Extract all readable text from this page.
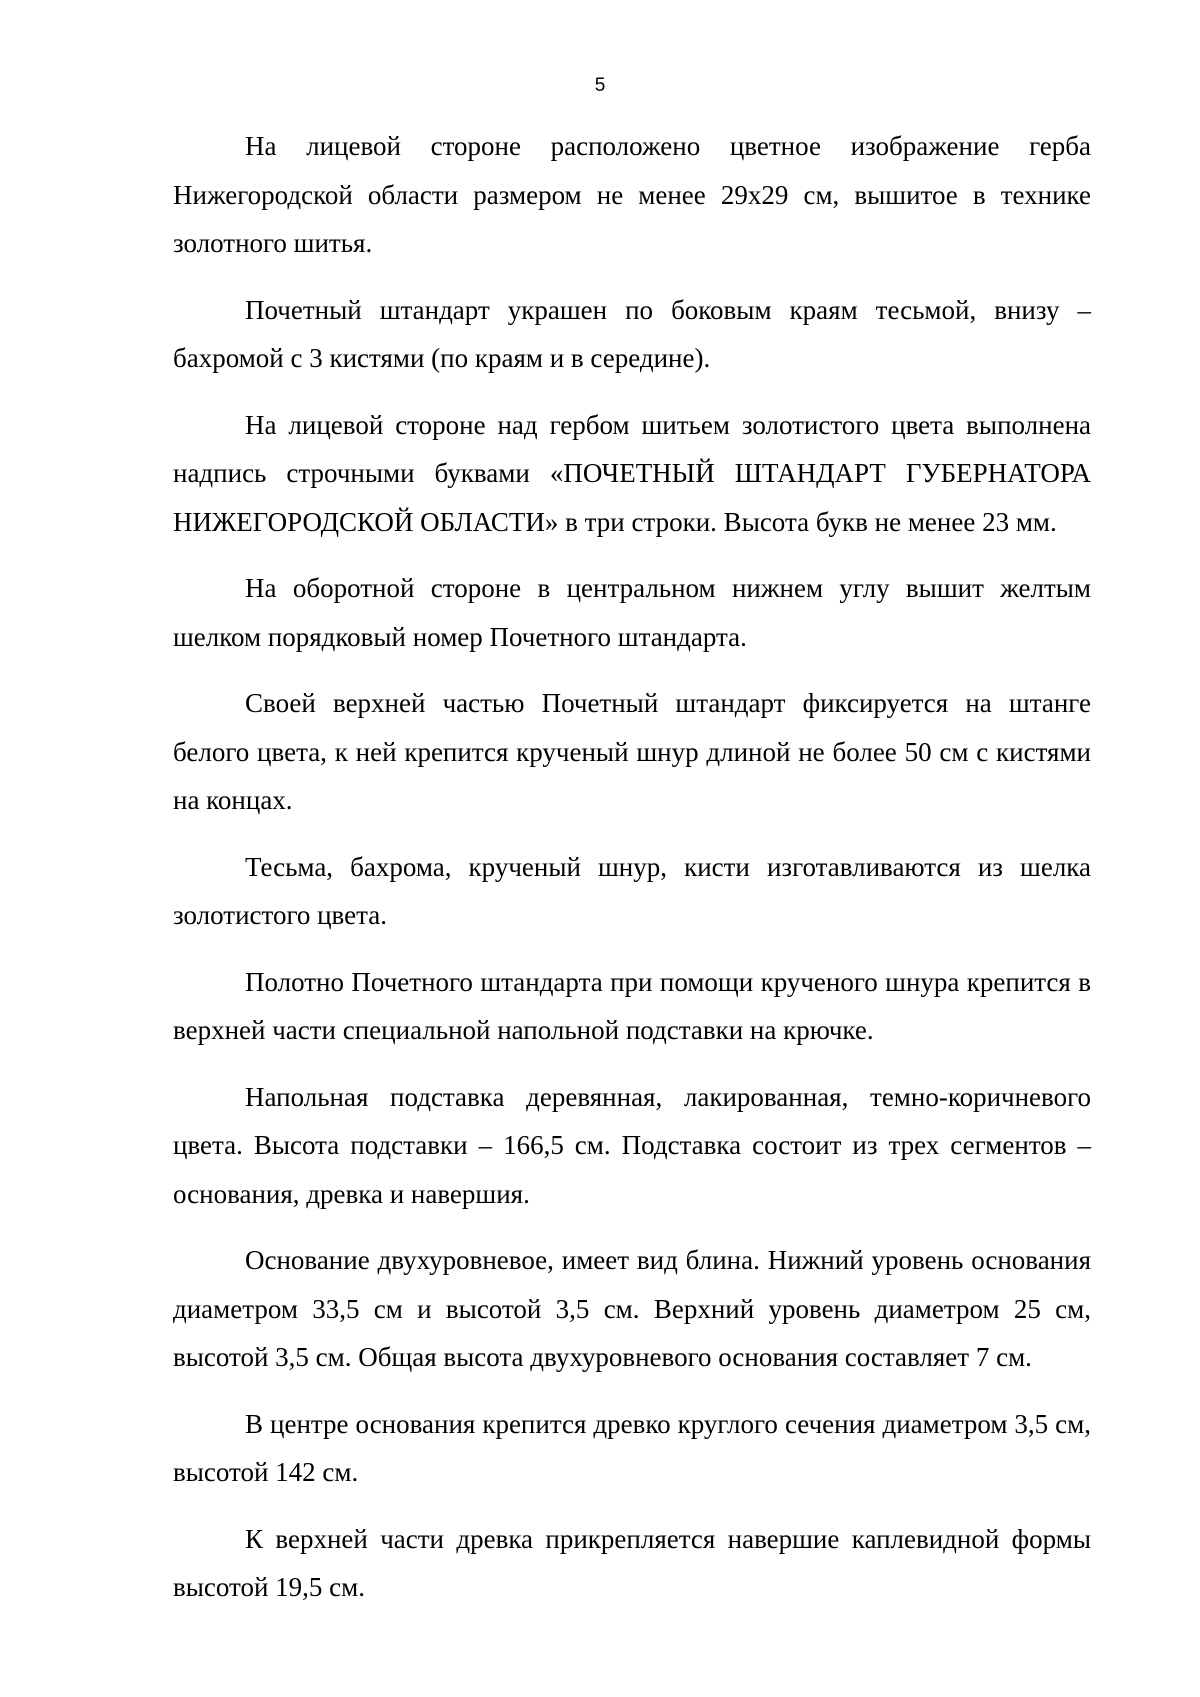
5

На лицевой стороне расположено цветное изображение герба Нижегородской области размером не менее 29х29 см, вышитое в технике золотного шитья.

Почетный штандарт украшен по боковым краям тесьмой, внизу – бахромой с 3 кистями (по краям и в середине).

На лицевой стороне над гербом шитьем золотистого цвета выполнена надпись строчными буквами «ПОЧЕТНЫЙ ШТАНДАРТ ГУБЕРНАТОРА НИЖЕГОРОДСКОЙ ОБЛАСТИ» в три строки. Высота букв не менее 23 мм.

На оборотной стороне в центральном нижнем углу вышит желтым шелком порядковый номер Почетного штандарта.

Своей верхней частью Почетный штандарт фиксируется на штанге белого цвета, к ней крепится крученый шнур длиной не более 50 см с кистями на концах.

Тесьма, бахрома, крученый шнур, кисти изготавливаются из шелка золотистого цвета.

Полотно Почетного штандарта при помощи крученого шнура крепится в верхней части специальной напольной подставки на крючке.

Напольная подставка деревянная, лакированная, темно-коричневого цвета. Высота подставки – 166,5 см. Подставка состоит из трех сегментов – основания, древка и навершия.

Основание двухуровневое, имеет вид блина. Нижний уровень основания диаметром 33,5 см и высотой 3,5 см. Верхний уровень диаметром 25 см, высотой 3,5 см. Общая высота двухуровневого основания составляет 7 см.

В центре основания крепится древко круглого сечения диаметром 3,5 см, высотой 142 см.

К верхней части древка прикрепляется навершие каплевидной формы высотой 19,5 см.
